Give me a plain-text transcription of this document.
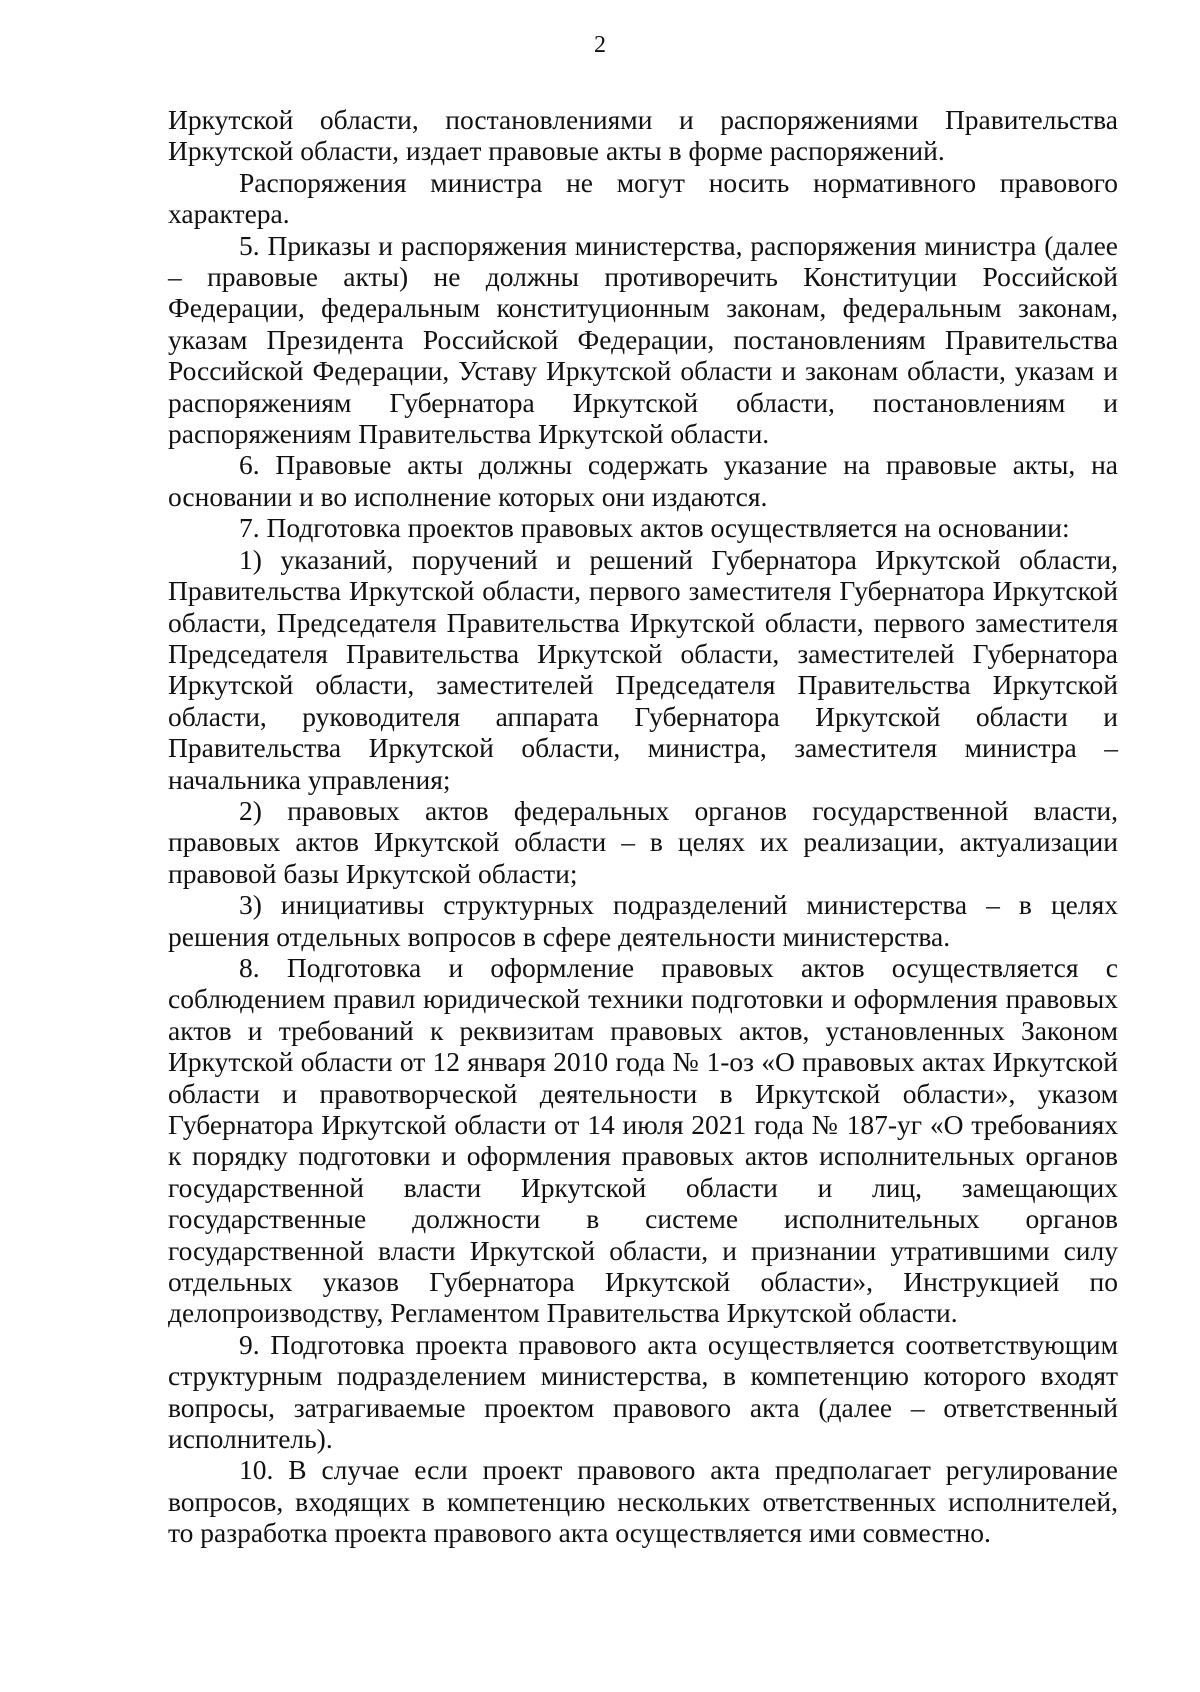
2

Иркутской области, постановлениями и распоряжениями Правительства Иркутской области, издает правовые акты в форме распоряжений.

Распоряжения министра не могут носить нормативного правового характера.

5. Приказы и распоряжения министерства, распоряжения министра (далее – правовые акты) не должны противоречить Конституции Российской Федерации, федеральным конституционным законам, федеральным законам, указам Президента Российской Федерации, постановлениям Правительства Российской Федерации, Уставу Иркутской области и законам области, указам и распоряжениям Губернатора Иркутской области, постановлениям и распоряжениям Правительства Иркутской области.

6. Правовые акты должны содержать указание на правовые акты, на основании и во исполнение которых они издаются.

7. Подготовка проектов правовых актов осуществляется на основании:

1) указаний, поручений и решений Губернатора Иркутской области, Правительства Иркутской области, первого заместителя Губернатора Иркутской области, Председателя Правительства Иркутской области, первого заместителя Председателя Правительства Иркутской области, заместителей Губернатора Иркутской области, заместителей Председателя Правительства Иркутской области, руководителя аппарата Губернатора Иркутской области и Правительства Иркутской области, министра, заместителя министра – начальника управления;

2) правовых актов федеральных органов государственной власти, правовых актов Иркутской области – в целях их реализации, актуализации правовой базы Иркутской области;

3) инициативы структурных подразделений министерства – в целях решения отдельных вопросов в сфере деятельности министерства.

8. Подготовка и оформление правовых актов осуществляется с соблюдением правил юридической техники подготовки и оформления правовых актов и требований к реквизитам правовых актов, установленных Законом Иркутской области от 12 января 2010 года № 1-оз «О правовых актах Иркутской области и правотворческой деятельности в Иркутской области», указом Губернатора Иркутской области от 14 июля 2021 года № 187-уг «О требованиях к порядку подготовки и оформления правовых актов исполнительных органов государственной власти Иркутской области и лиц, замещающих государственные должности в системе исполнительных органов государственной власти Иркутской области, и признании утратившими силу отдельных указов Губернатора Иркутской области», Инструкцией по делопроизводству, Регламентом Правительства Иркутской области.

9. Подготовка проекта правового акта осуществляется соответствующим структурным подразделением министерства, в компетенцию которого входят вопросы, затрагиваемые проектом правового акта (далее – ответственный исполнитель).

10. В случае если проект правового акта предполагает регулирование вопросов, входящих в компетенцию нескольких ответственных исполнителей, то разработка проекта правового акта осуществляется ими совместно.
